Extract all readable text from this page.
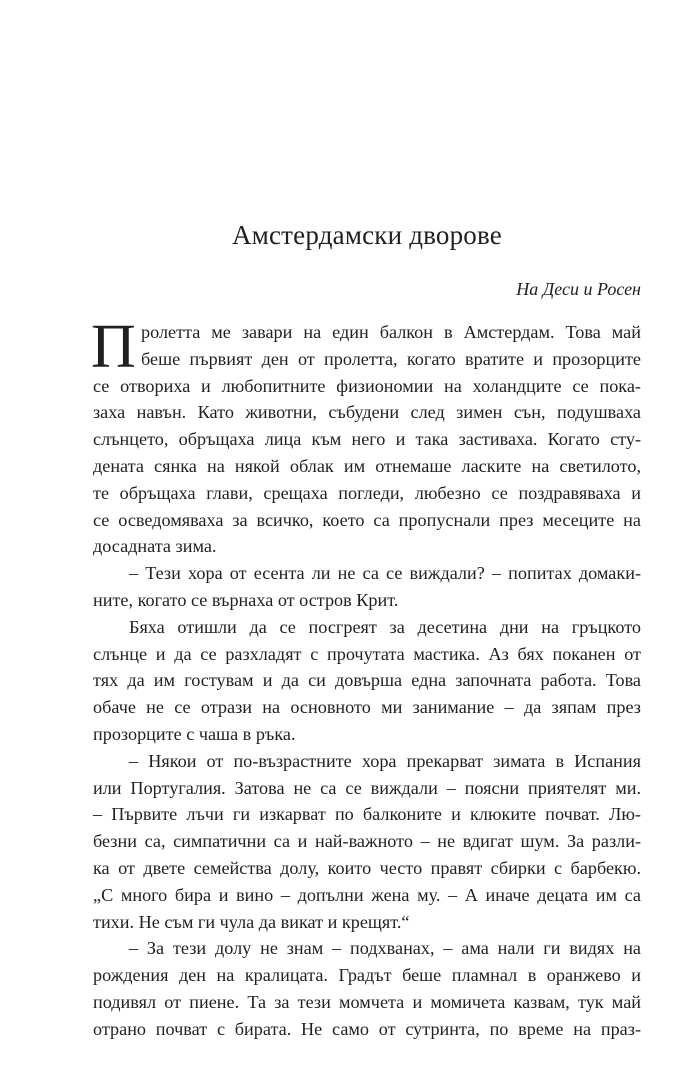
Амстердамски дворове

На Деси и Росен

П ролетта ме завари на един балкон в Амстердам. Това май
беше първият ден от пролетта, когато вратите и прозорците
се отвориха и любопитните физиономии на холандците се пока-
заха навън. Като животни, събудени след зимен сън, подушваха
слънцето, обръщаха лица към него и така застиваха. Когато сту-
дената сянка на някой облак им отнемаше ласките на светилото,
те обръщаха глави, срещаха погледи, любезно се поздравяваха и
се осведомяваха за всичко, което са пропуснали през месеците на
досадната зима.
– Тези хора от есента ли не са се виждали? – попитах домаки-
ните, когато се върнаха от остров Крит.
Бяха отишли да се посгреят за десетина дни на гръцкото
слънце и да се разхладят с прочутата мастика. Аз бях поканен от
тях да им гостувам и да си довърша една започната работа. Това
обаче не се отрази на основното ми занимание – да зяпам през
прозорците с чаша в ръка.
– Някои от по-възрастните хора прекарват зимата в Испания
или Португалия. Затова не са се виждали – поясни приятелят ми.
– Първите лъчи ги изкарват по балконите и клюките почват. Лю-
безни са, симпатични са и най-важното – не вдигат шум. За разли-
ка от двете семейства долу, които често правят сбирки с барбекю.
„С много бира и вино – допълни жена му. – А иначе децата им са
тихи. Не съм ги чула да викат и крещят.“
– За тези долу не знам – подхванах, – ама нали ги видях на
рождения ден на кралицата. Градът беше пламнал в оранжево и
подивял от пиене. Та за тези момчета и момичета казвам, тук май
отрано почват с бирата. Не само от сутринта, по време на праз-
